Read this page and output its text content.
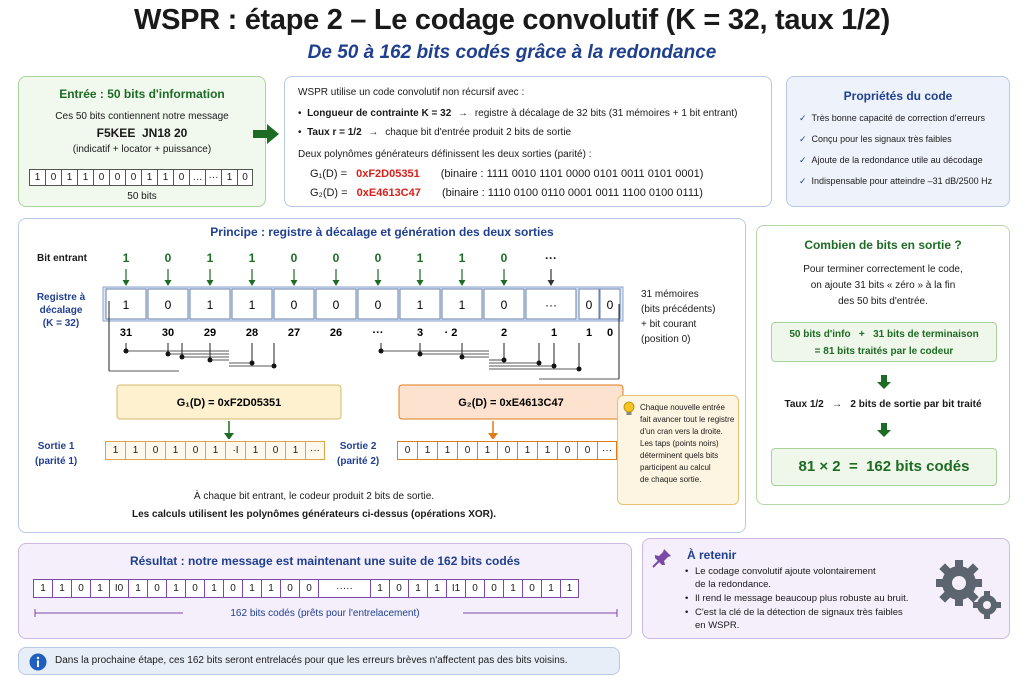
WSPR : étape 2 – Le codage convolutif (K = 32, taux 1/2)
De 50 à 162 bits codés grâce à la redondance
Entrée : 50 bits d'information
Ces 50 bits contiennent notre message
F5KEE  JN18 20
(indicatif + locator + puissance)
1	0	1	1	0	0	0	1	1	0 … ··· 1 0
50 bits
WSPR utilise un code convolutif non récursif avec :
•  Longueur de contrainte K = 32 → registre à décalage de 32 bits (31 mémoires + 1 bit entrant)
•  Taux r = 1/2 → chaque bit d'entrée produit 2 bits de sortie
Deux polynômes générateurs définissent les deux sorties (parité) :
G₁(D) = 0xF2D05351 (binaire : 1111 0010 1101 0000 0101 0011 0101 0001)
G₂(D) = 0xE4613C47 (binaire : 1110 0100 0110 0001 0011 1100 0100 0111)
Propriétés du code
✓ Très bonne capacité de correction d'erreurs
✓ Conçu pour les signaux très faibles
✓ Ajoute de la redondance utile au décodage
✓ Indispensable pour atteindre –31 dB/2500 Hz
Principe : registre à décalage et génération des deux sorties
Bit entrant
Registre à
décalage
(K = 32)
31 mémoires
(bits précédents)
+ bit courant
(position 0)
1	0	1	1	0	0	0	1	1	0	··· 0 0
1	0	1	1	0	0	0	1	1	0	···
31	30	29	28	27	26	···	3 · 2	2	1	1 0
G₁(D) = 0xF2D05351	G₂(D) = 0xE4613C47
Sortie 1
(parité 1)
1	1	0	1	0	1	·I	1	0	1	···	Sortie 2
(parité 2)
0	1	1	0	1	0	1	1	0	0	···
Chaque nouvelle entrée
fait avancer tout le registre
d'un cran vers la droite.
Les taps (points noirs)
déterminent quels bits
participent au calcul
de chaque sortie.
À chaque bit entrant, le codeur produit 2 bits de sortie.
Les calculs utilisent les polynômes générateurs ci-dessus (opérations XOR).
Combien de bits en sortie ?
Pour terminer correctement le code,
on ajoute 31 bits « zéro » à la fin
des 50 bits d'entrée.
50 bits d'info   +   31 bits de terminaison
= 81 bits traités par le codeur
Taux 1/2   →   2 bits de sortie par bit traité
81 × 2  =  162 bits codés
Résultat : notre message est maintenant une suite de 162 bits codés
1	1	0	1	I0	1	0	1	0	1	0	1	1	0	0	·····	1	0	1	1	I1	0	0	1	0	1	1
162 bits codés (prêts pour l'entrelacement)
À retenir
• Le codage convolutif ajoute volontairement
de la redondance.
• Il rend le message beaucoup plus robuste au bruit.
• C'est la clé de la détection de signaux très faibles
en WSPR.
Dans la prochaine étape, ces 162 bits seront entrelacés pour que les erreurs brèves n'affectent pas des bits voisins.
